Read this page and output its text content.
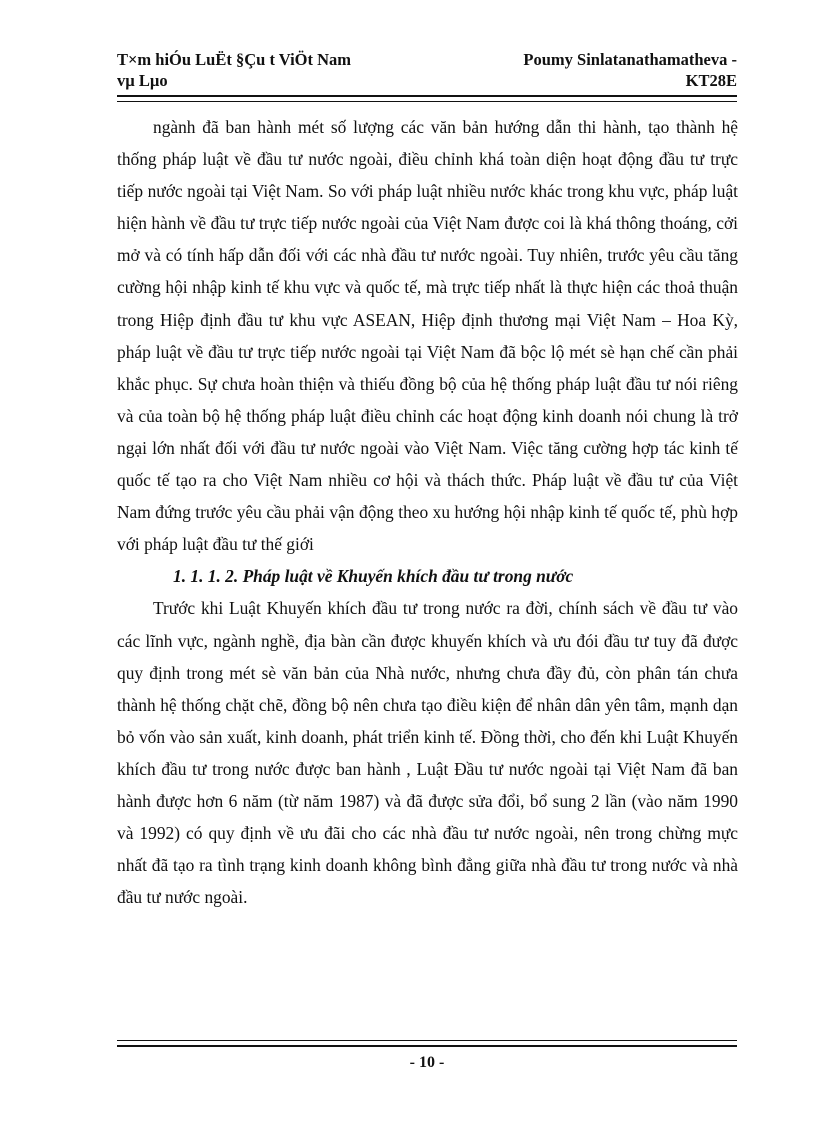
T×m hiÓu LuËt §Çu t ViÖt Nam
vµ Lµo
Poumy Sinlatanathamatheva -
KT28E

ngành đã ban hành mét số lượng các văn bản hướng dẫn thi hành, tạo thành hệ thống pháp luật về đầu tư nước ngoài, điều chỉnh khá toàn diện hoạt động đầu tư trực tiếp nước ngoài tại Việt Nam. So với pháp luật nhiều nước khác trong khu vực, pháp luật hiện hành về đầu tư trực tiếp nước ngoài của Việt Nam được coi là khá thông thoáng, cởi mở và có tính hấp dẫn đối với các nhà đầu tư nước ngoài. Tuy nhiên, trước yêu cầu tăng cường hội nhập kinh tế khu vực và quốc tế, mà trực tiếp nhất là thực hiện các thoả thuận trong Hiệp định đầu tư khu vực ASEAN, Hiệp định thương mại Việt Nam – Hoa Kỳ, pháp luật về đầu tư trực tiếp nước ngoài tại Việt Nam đã bộc lộ mét sè hạn chế cần phải khắc phục. Sự chưa hoàn thiện và thiếu đồng bộ của hệ thống pháp luật đầu tư nói riêng và của toàn bộ hệ thống pháp luật điều chỉnh các hoạt động kinh doanh nói chung là trở ngại lớn nhất đối với đầu tư nước ngoài vào Việt Nam. Việc tăng cường hợp tác kinh tế quốc tế tạo ra cho Việt Nam nhiều cơ hội và thách thức. Pháp luật về đầu tư của Việt Nam đứng trước yêu cầu phải vận động theo xu hướng hội nhập kinh tế quốc tế, phù hợp với pháp luật đầu tư thế giới

1. 1. 1. 2. Pháp luật về Khuyến khích đầu tư trong nước

Trước khi Luật Khuyến khích đầu tư trong nước ra đời, chính sách về đầu tư vào các lĩnh vực, ngành nghề, địa bàn cần được khuyến khích và ưu đói đầu tư tuy đã được quy định trong mét sè văn bản của Nhà nước, nhưng chưa đầy đủ, còn phân tán chưa thành hệ thống chặt chẽ, đồng bộ nên chưa tạo điều kiện để nhân dân yên tâm, mạnh dạn bỏ vốn vào sản xuất, kinh doanh, phát triển kinh tế. Đồng thời, cho đến khi Luật Khuyến khích đầu tư trong nước được ban hành , Luật Đầu tư nước ngoài tại Việt Nam đã ban hành được hơn 6 năm (từ năm 1987) và đã được sửa đổi, bổ sung 2 lần (vào năm 1990 và 1992) có quy định về ưu đãi cho các nhà đầu tư nước ngoài, nên trong chừng mực nhất đã tạo ra tình trạng kinh doanh không bình đẳng giữa nhà đầu tư trong nước và nhà đầu tư nước ngoài.

- 10 -
